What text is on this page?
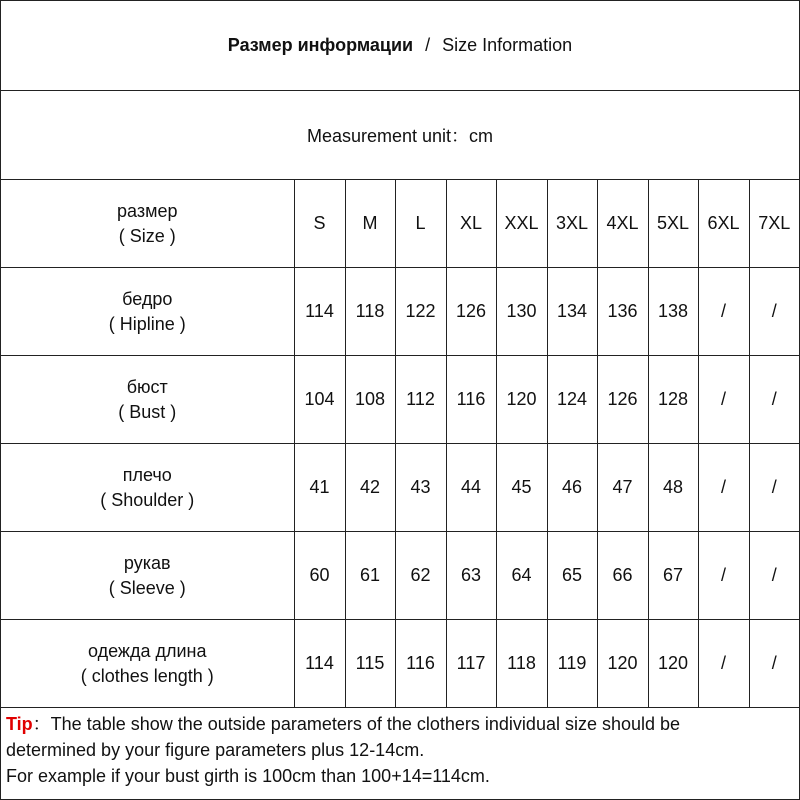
Размер информации / Size Information
Measurement unit：cm
размер
( Size )	S	M	L	XL	XXL	3XL	4XL	5XL	6XL	7XL

бедро
( Hipline )	114	118	122	126	130	134	136	138	/	/

бюст
( Bust )	104	108	112	116	120	124	126	128	/	/

плечо
( Shoulder )	41	42	43	44	45	46	47	48	/	/

рукав
( Sleeve )	60	61	62	63	64	65	66	67	/	/

одежда длина
( clothes length )	114	115	116	117	118	119	120	120	/	/
Tip：The table show the outside parameters of the clothers individual size should be
determined by your figure parameters plus 12-14cm.
For example if your bust girth is 100cm than 100+14=114cm.
